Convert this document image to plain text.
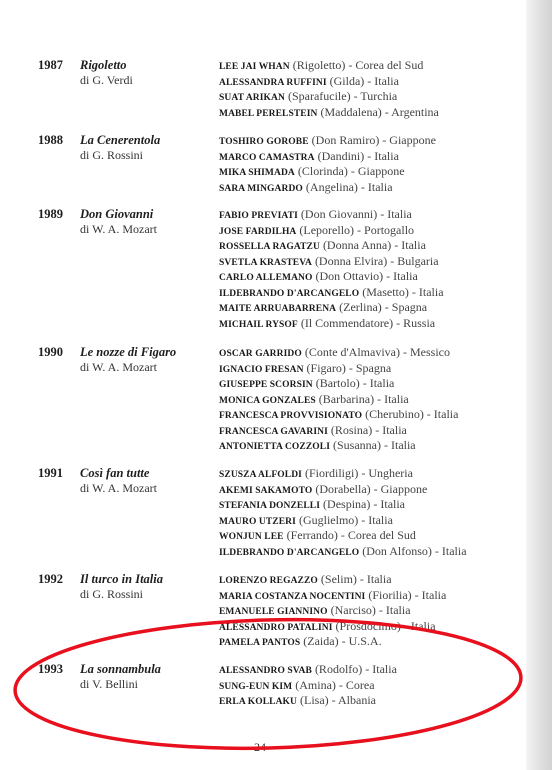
1987 Rigoletto
di G. Verdi
LEE JAI WHAN (Rigoletto) - Corea del Sud
ALESSANDRA RUFFINI (Gilda) - Italia
SUAT ARIKAN (Sparafucile) - Turchia
MABEL PERELSTEIN (Maddalena) - Argentina
1988 La Cenerentola
di G. Rossini
TOSHIRO GOROBE (Don Ramiro) - Giappone
MARCO CAMASTRA (Dandini) - Italia
MIKA SHIMADA (Clorinda) - Giappone
SARA MINGARDO (Angelina) - Italia
1989 Don Giovanni
di W. A. Mozart
FABIO PREVIATI (Don Giovanni) - Italia
JOSE FARDILHA (Leporello) - Portogallo
ROSSELLA RAGATZU (Donna Anna) - Italia
SVETLA KRASTEVA (Donna Elvira) - Bulgaria
CARLO ALLEMANO (Don Ottavio) - Italia
ILDEBRANDO D'ARCANGELO (Masetto) - Italia
MAITE ARRUABARRENA (Zerlina) - Spagna
MICHAIL RYSOF (Il Commendatore) - Russia
1990 Le nozze di Figaro
di W. A. Mozart
OSCAR GARRIDO (Conte d'Almaviva) - Messico
IGNACIO FRESAN (Figaro) - Spagna
GIUSEPPE SCORSIN (Bartolo) - Italia
MONICA GONZALES (Barbarina) - Italia
FRANCESCA PROVVISIONATO (Cherubino) - Italia
FRANCESCA GAVARINI (Rosina) - Italia
ANTONIETTA COZZOLI (Susanna) - Italia
1991 Così fan tutte
di W. A. Mozart
SZUSZA ALFOLDI (Fiordiligi) - Ungheria
AKEMI SAKAMOTO (Dorabella) - Giappone
STEFANIA DONZELLI (Despina) - Italia
MAURO UTZERI (Guglielmo) - Italia
WONJUN LEE (Ferrando) - Corea del Sud
ILDEBRANDO D'ARCANGELO (Don Alfonso) - Italia
1992 Il turco in Italia
di G. Rossini
LORENZO REGAZZO (Selim) - Italia
MARIA COSTANZA NOCENTINI (Fiorilia) - Italia
EMANUELE GIANNINO (Narciso) - Italia
ALESSANDRO PATALINI (Prosdocimo) - Italia
PAMELA PANTOS (Zaida) - U.S.A.
1993 La sonnambula
di V. Bellini
ALESSANDRO SVAB (Rodolfo) - Italia
SUNG-EUN KIM (Amina) - Corea
ERLA KOLLAKU (Lisa) - Albania
24
